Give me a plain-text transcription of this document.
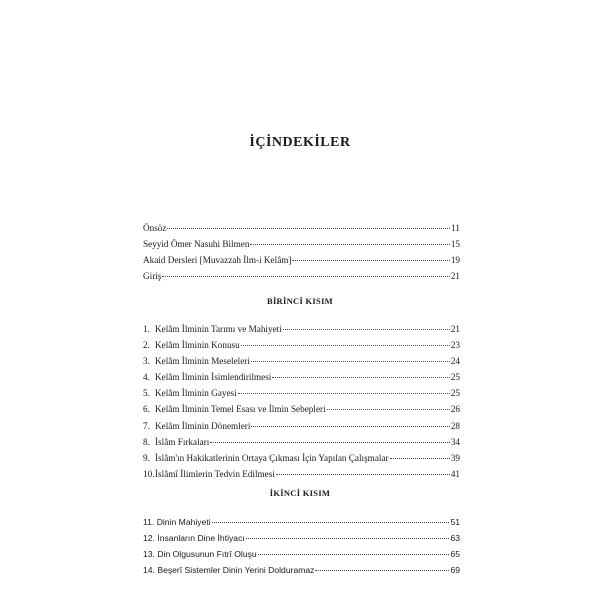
İÇİNDEKİLER
Önsöz	11
Seyyid Ömer Nasuhi Bilmen	15
Akaid Dersleri [Muvazzah İlm-i Kelâm]	19
Giriş	21
BİRİNCİ KISIM
1. Kelâm İlminin Tarımı ve Mahiyeti	21
2. Kelâm İlminin Konusu	23
3. Kelâm İlminin Meseleleri	24
4. Kelâm İlminin İsimlendirilmesi	25
5. Kelâm İlminin Gayesi	25
6. Kelâm İlminin Temel Esası ve İlmin Sebepleri	26
7. Kelâm İlminin Dönemleri	28
8. İslâm Fırkaları	34
9. İslâm'ın Hakikatlerinin Ortaya Çıkması İçin Yapılan Çalışmalar	39
10. İslâmî İlimlerin Tedvin Edilmesi	41
İKİNCİ KISIM
11. Dinin Mahiyeti	51
12. İnsanların Dine İhtiyacı	63
13. Din Olgusunun Fıtrî Oluşu	65
14. Beşerî Sistemler Dinin Yerini Dolduramaz	69
